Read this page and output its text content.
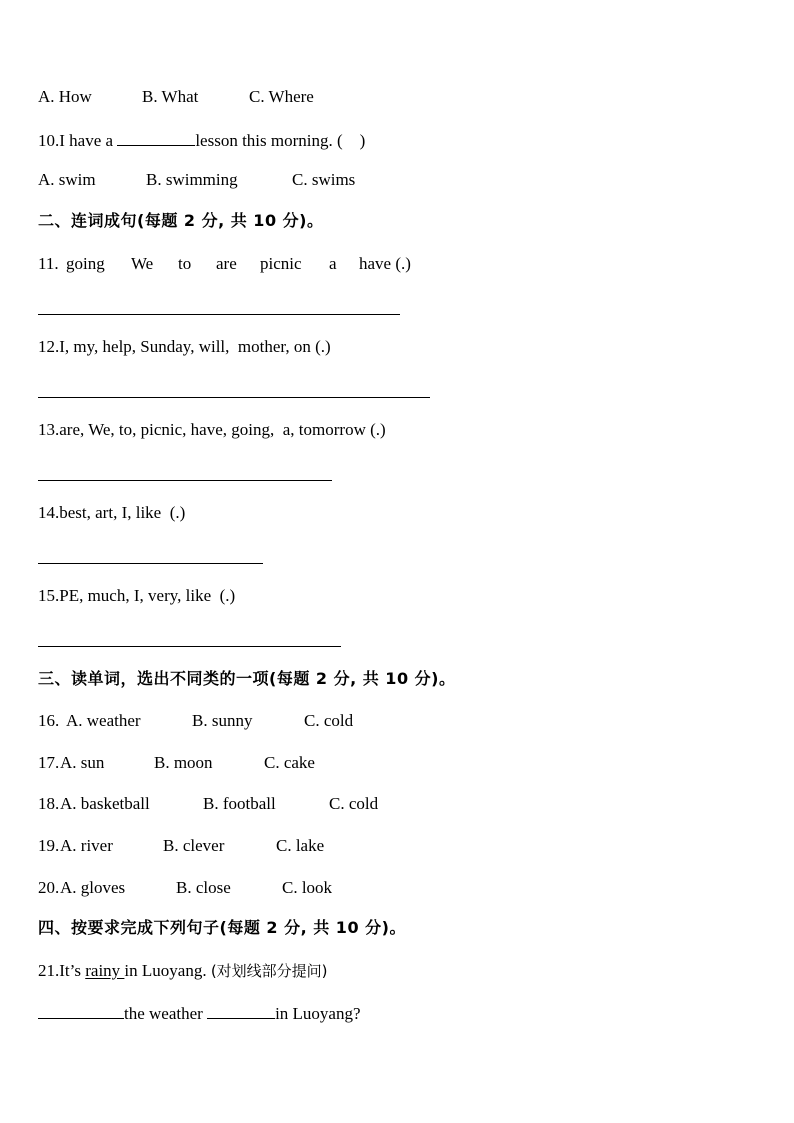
A. How

	B. What

	C. Where

10.I have a	lesson this morning. (    )

A. swim

	B. swimming

	C. swims

二、连词成句(每题 2 分, 共 10 分)。

11.

going

We

to

are

picnic

a

have (.)

12.I, my, help, Sunday, will,  mother, on (.)
13.are, We, to, picnic, have, going,  a, tomorrow (.)
14.best, art, I, like  (.)
15.PE, much, I, very, like  (.)
三、读单词，选出不同类的一项(每题 2 分, 共 10 分)。

16.

A. weather

	B. sunny

	C. cold

17.

A. sun

	B. moon

	C. cake

18.

A. basketball

	B. football

	C. cold

19.

A. river

	B. clever

	C. lake

20.

A. gloves

	B. close

	C. look

四、按要求完成下列句子(每题 2 分, 共 10 分)。
21.It’s rainy in Luoyang. (对划线部分提问)
the weather	in Luoyang?
